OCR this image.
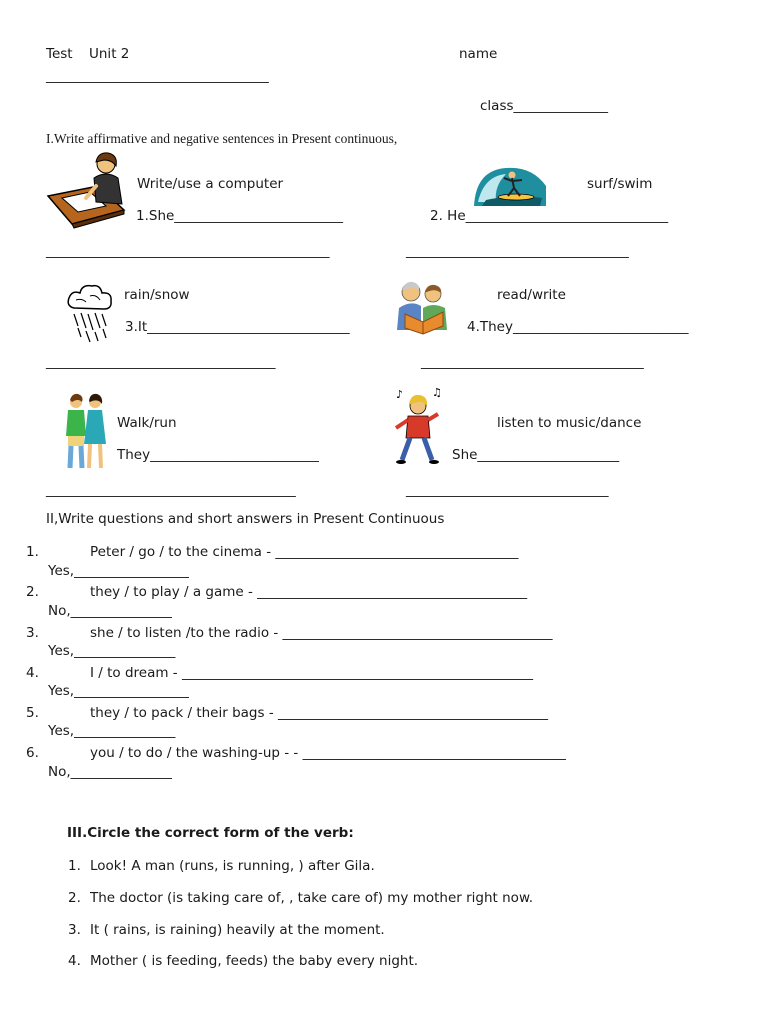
Test Unit 2	name
_________________________________
class______________
I.Write affirmative and negative sentences in Present continuous,
Write/use a computer
1.She_________________________
__________________________________________
surf/swim
2. He______________________________
_________________________________
rain/snow
3.It______________________________
__________________________________
read/write
4.They__________________________
_________________________________
Walk/run
They_________________________
_____________________________________
♪	♫
listen to music/dance
She_____________________
______________________________
II,Write questions and short answers in Present Continuous
1.	Peter / go / to the cinema - ____________________________________
Yes,_________________
2.	they / to play / a game - ________________________________________
No,_______________
3.	she / to listen /to the radio - ________________________________________
Yes,_______________
4.	I / to dream - ____________________________________________________
Yes,_________________
5.	they / to pack / their bags - ________________________________________
Yes,_______________
6.	you / to do / the washing-up - - _______________________________________
No,_______________
III.Circle the correct form of the verb:
1. Look! A man (runs, is running, ) after Gila.
2. The doctor (is taking care of, , take care of) my mother right now.
3. It ( rains, is raining) heavily at the moment.
4. Mother ( is feeding, feeds) the baby every night.
